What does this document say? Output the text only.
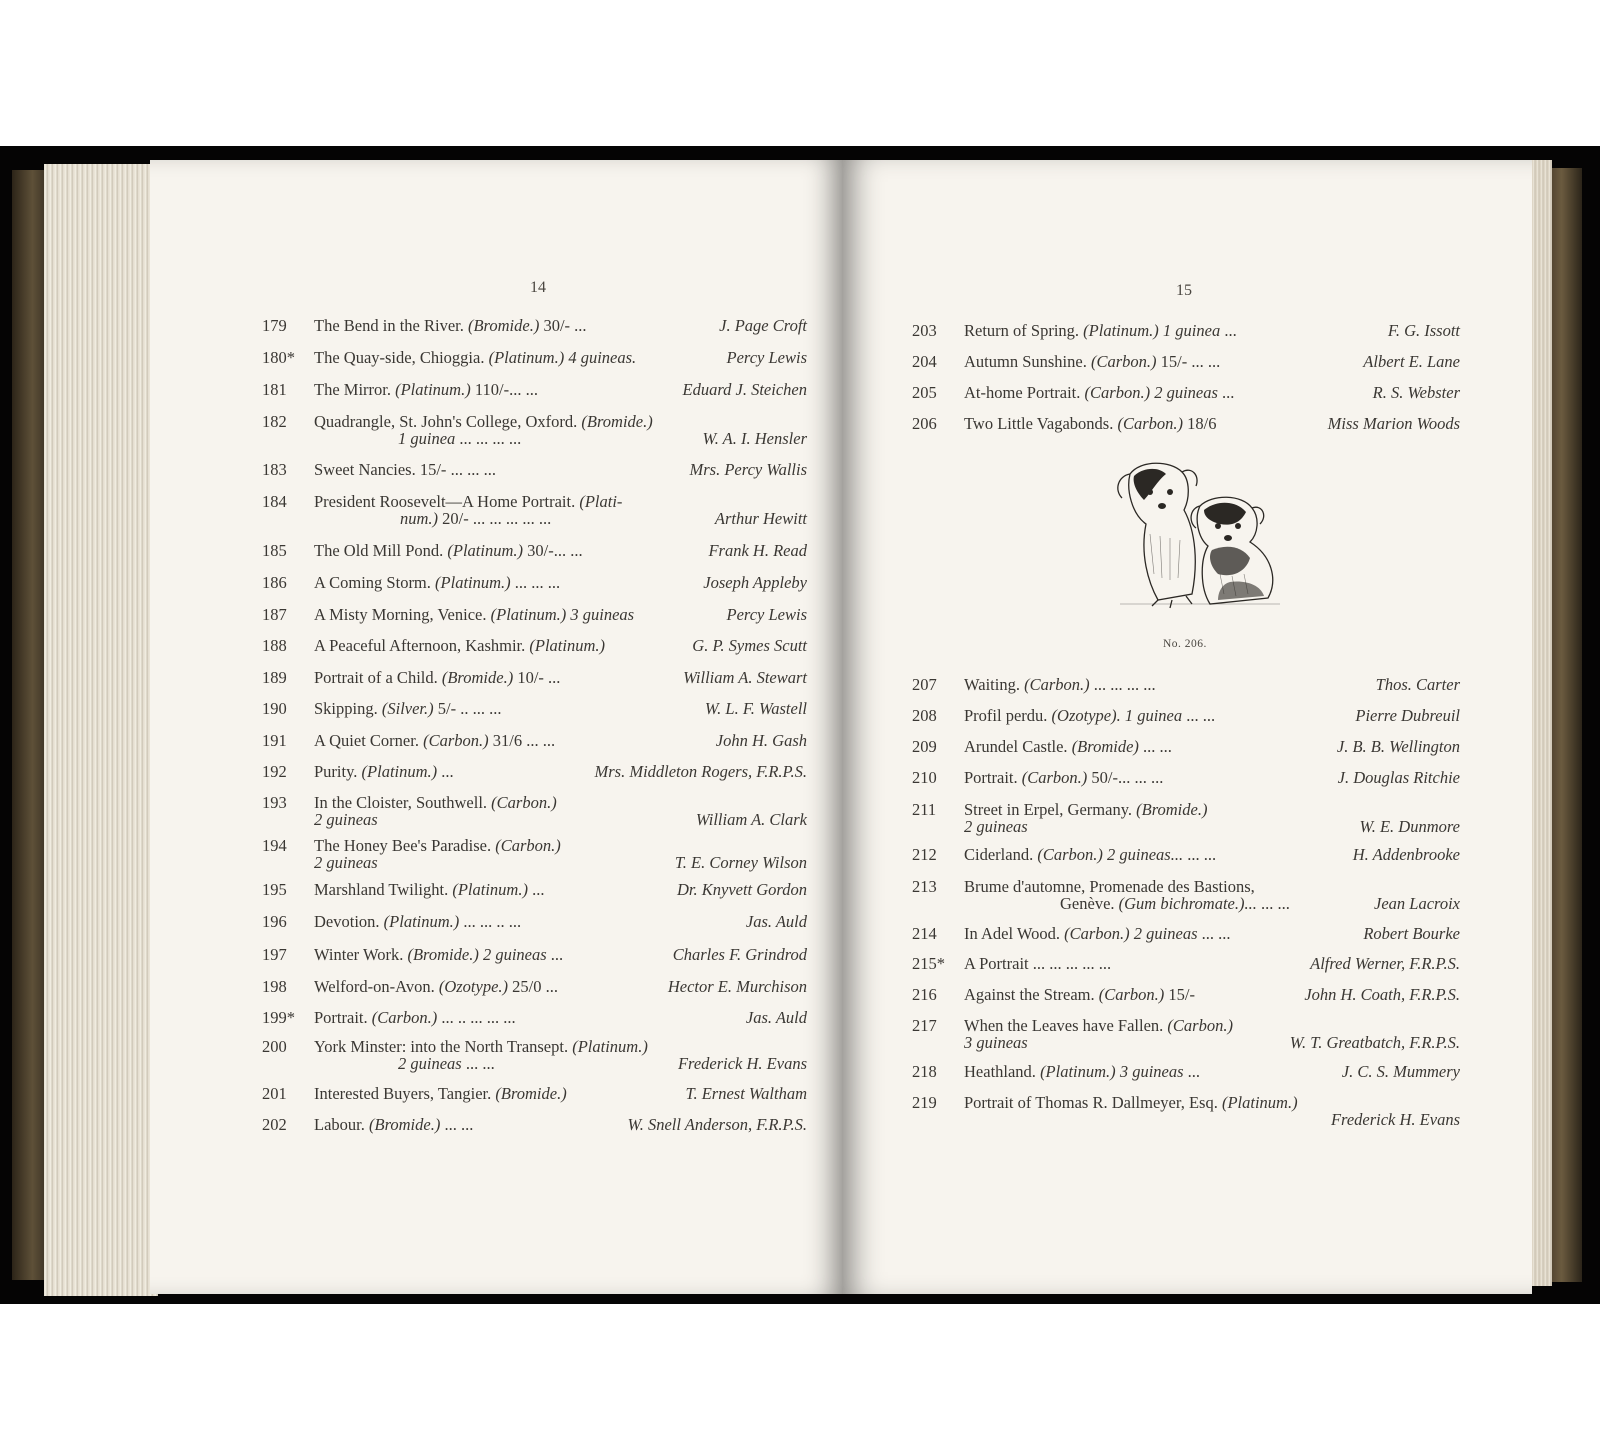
14	15
179	The Bend in the River. (Bromide.) 30/- ...	J. Page Croft
180*	The Quay-side, Chioggia. (Platinum.) 4 guineas.	Percy Lewis
181	The Mirror. (Platinum.) 110/-... ...	Eduard J. Steichen
182	Quadrangle, St. John's College, Oxford. (Bromide.)
1 guinea ... ... ... ...	W. A. I. Hensler
183	Sweet Nancies. 15/- ... ... ...	Mrs. Percy Wallis
184	President Roosevelt—A Home Portrait. (Plati-
num.) 20/- ... ... ... ... ...	Arthur Hewitt
185	The Old Mill Pond. (Platinum.) 30/-... ...	Frank H. Read
186	A Coming Storm. (Platinum.) ... ... ...	Joseph Appleby
187	A Misty Morning, Venice. (Platinum.) 3 guineas	Percy Lewis
188	A Peaceful Afternoon, Kashmir. (Platinum.)	G. P. Symes Scutt
189	Portrait of a Child. (Bromide.) 10/- ...	William A. Stewart
190	Skipping. (Silver.) 5/- .. ... ...	W. L. F. Wastell
191	A Quiet Corner. (Carbon.) 31/6 ... ...	John H. Gash
192	Purity. (Platinum.) ...	Mrs. Middleton Rogers, F.R.P.S.
193	In the Cloister, Southwell. (Carbon.)
2 guineas	William A. Clark
194	The Honey Bee's Paradise. (Carbon.)
2 guineas	T. E. Corney Wilson
195	Marshland Twilight. (Platinum.) ...	Dr. Knyvett Gordon
196	Devotion. (Platinum.) ... ... .. ...	Jas. Auld
197	Winter Work. (Bromide.) 2 guineas ...	Charles F. Grindrod
198	Welford-on-Avon. (Ozotype.) 25/0 ...	Hector E. Murchison
199*	Portrait. (Carbon.) ... .. ... ... ...	Jas. Auld
200	York Minster: into the North Transept. (Platinum.)
2 guineas ... ...	Frederick H. Evans
201	Interested Buyers, Tangier. (Bromide.)	T. Ernest Waltham
202	Labour. (Bromide.) ... ...	W. Snell Anderson, F.R.P.S.
203	Return of Spring. (Platinum.) 1 guinea ...	F. G. Issott
204	Autumn Sunshine. (Carbon.) 15/- ... ...	Albert E. Lane
205	At-home Portrait. (Carbon.) 2 guineas ...	R. S. Webster
206	Two Little Vagabonds. (Carbon.) 18/6	Miss Marion Woods
207	Waiting. (Carbon.) ... ... ... ...	Thos. Carter
208	Profil perdu. (Ozotype). 1 guinea ... ...	Pierre Dubreuil
209	Arundel Castle. (Bromide) ... ...	J. B. B. Wellington
210	Portrait. (Carbon.) 50/-... ... ...	J. Douglas Ritchie
211	Street in Erpel, Germany. (Bromide.)
2 guineas	W. E. Dunmore
212	Ciderland. (Carbon.) 2 guineas... ... ...	H. Addenbrooke
213	Brume d'automne, Promenade des Bastions,
Genève. (Gum bichromate.)... ... ...	Jean Lacroix
214	In Adel Wood. (Carbon.) 2 guineas ... ...	Robert Bourke
215*	A Portrait ... ... ... ... ...	Alfred Werner, F.R.P.S.
216	Against the Stream. (Carbon.) 15/-	John H. Coath, F.R.P.S.
217	When the Leaves have Fallen. (Carbon.)
3 guineas	W. T. Greatbatch, F.R.P.S.
218	Heathland. (Platinum.) 3 guineas ...	J. C. S. Mummery
219	Portrait of Thomas R. Dallmeyer, Esq. (Platinum.)
Frederick H. Evans
No. 206.
